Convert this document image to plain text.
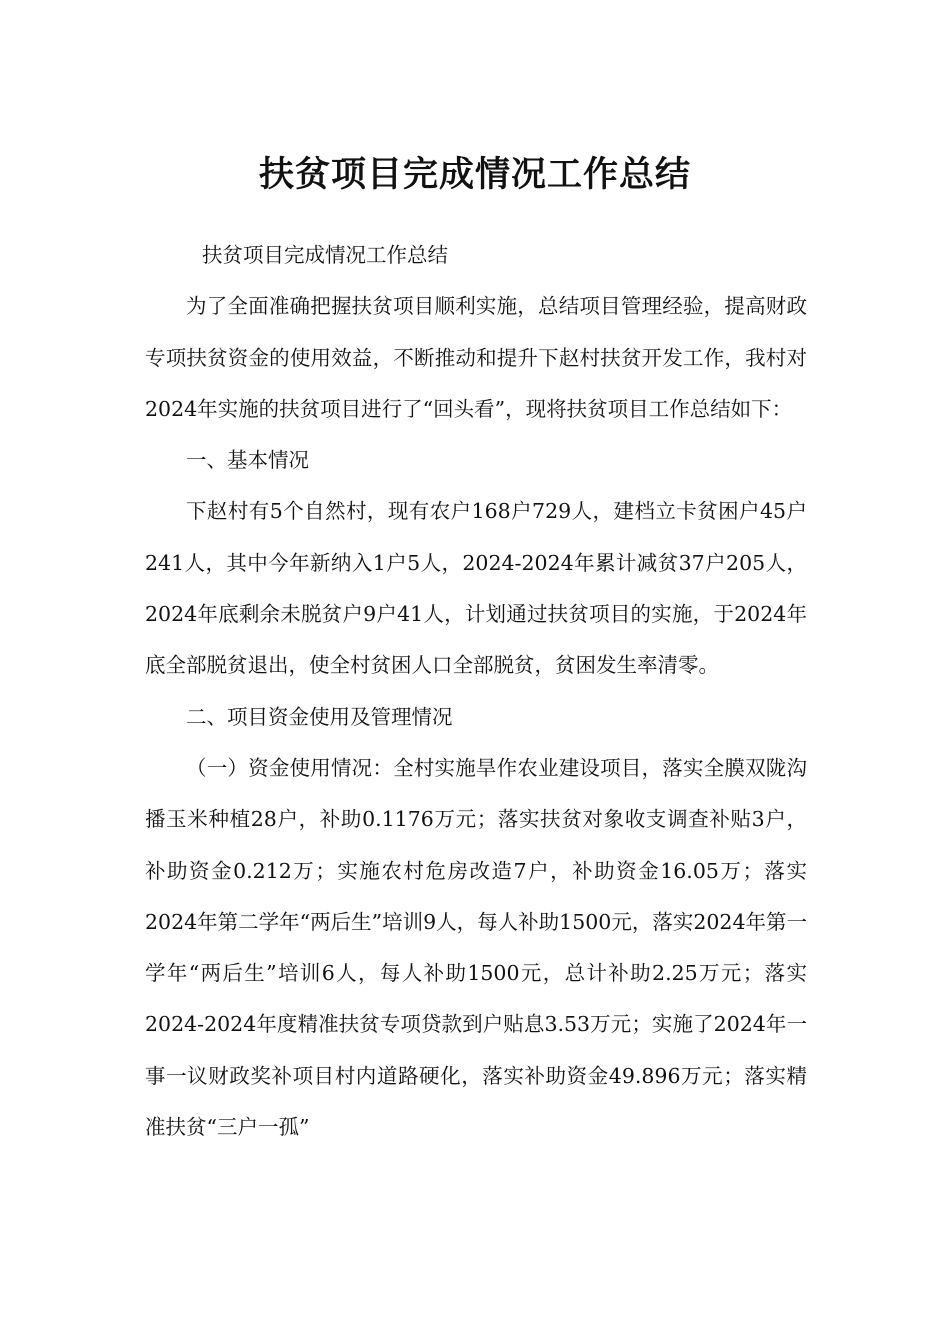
扶贫项目完成情况工作总结

扶贫项目完成情况工作总结

为了全面准确把握扶贫项目顺利实施，总结项目管理经验，提高财政专项扶贫资金的使用效益，不断推动和提升下赵村扶贫开发工作，我村对2024年实施的扶贫项目进行了“回头看”，现将扶贫项目工作总结如下：

一、基本情况

下赵村有5个自然村，现有农户168户729人，建档立卡贫困户45户241人，其中今年新纳入1户5人，2024-2024年累计减贫37户205人，2024年底剩余未脱贫户9户41人，计划通过扶贫项目的实施，于2024年底全部脱贫退出，使全村贫困人口全部脱贫，贫困发生率清零。

二、项目资金使用及管理情况

（一）资金使用情况：全村实施旱作农业建设项目，落实全膜双陇沟播玉米种植28户，补助0.1176万元；落实扶贫对象收支调查补贴3户，补助资金0.212万；实施农村危房改造7户，补助资金16.05万；落实2024年第二学年“两后生”培训9人，每人补助1500元，落实2024年第一学年“两后生”培训6人，每人补助1500元，总计补助2.25万元；落实2024-2024年度精准扶贫专项贷款到户贴息3.53万元；实施了2024年一事一议财政奖补项目村内道路硬化，落实补助资金49.896万元；落实精准扶贫“三户一孤”
